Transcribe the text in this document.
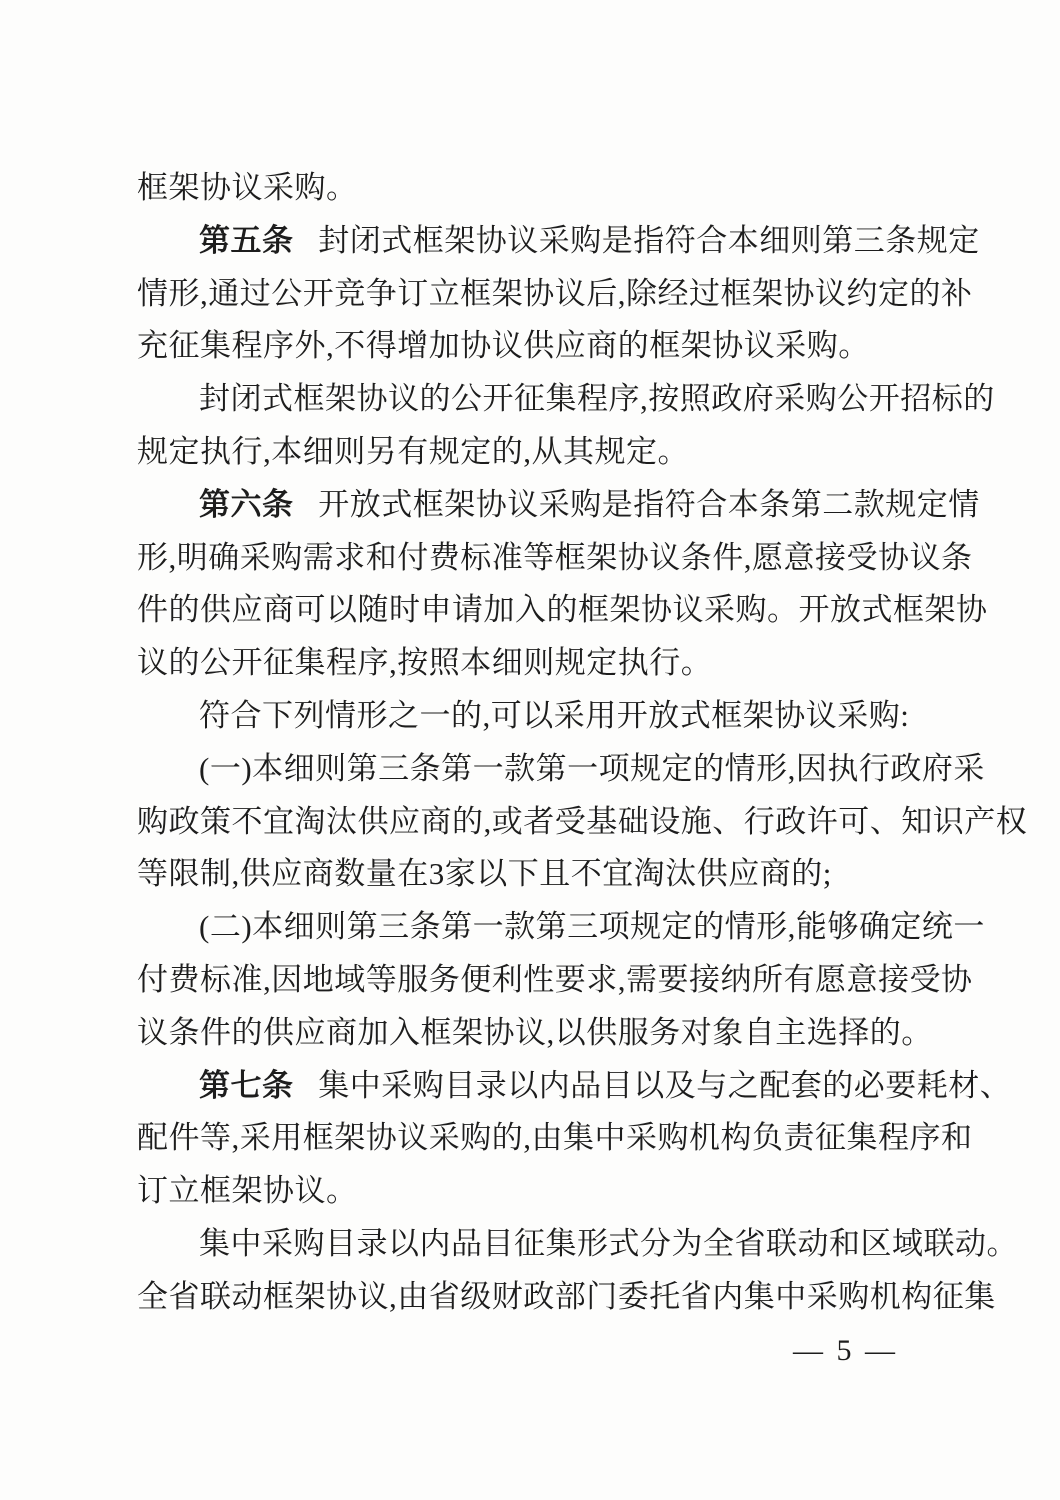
框架协议采购。
第五条 封闭式框架协议采购是指符合本细则第三条规定
情形,通过公开竞争订立框架协议后,除经过框架协议约定的补
充征集程序外,不得增加协议供应商的框架协议采购。
封闭式框架协议的公开征集程序,按照政府采购公开招标的
规定执行,本细则另有规定的,从其规定。
第六条 开放式框架协议采购是指符合本条第二款规定情
形,明确采购需求和付费标准等框架协议条件,愿意接受协议条
件的供应商可以随时申请加入的框架协议采购。开放式框架协
议的公开征集程序,按照本细则规定执行。
符合下列情形之一的,可以采用开放式框架协议采购:
(一)本细则第三条第一款第一项规定的情形,因执行政府采
购政策不宜淘汰供应商的,或者受基础设施、行政许可、知识产权
等限制,供应商数量在3家以下且不宜淘汰供应商的;
(二)本细则第三条第一款第三项规定的情形,能够确定统一
付费标准,因地域等服务便利性要求,需要接纳所有愿意接受协
议条件的供应商加入框架协议,以供服务对象自主选择的。
第七条 集中采购目录以内品目以及与之配套的必要耗材、
配件等,采用框架协议采购的,由集中采购机构负责征集程序和
订立框架协议。
集中采购目录以内品目征集形式分为全省联动和区域联动。
全省联动框架协议,由省级财政部门委托省内集中采购机构征集
— 5 —
